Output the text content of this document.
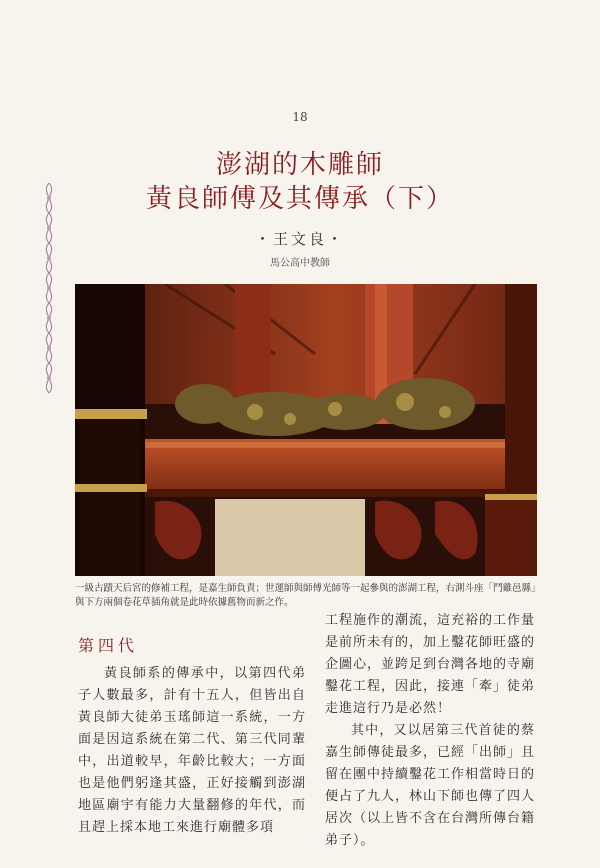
18
澎湖的木雕師
黃良師傅及其傳承（下）
・王文良・
馬公高中教師
一級古蹟天后宮的修補工程，是嘉生師負責；世運師與師傅光師等一起參與的澎湖工程，右測斗座「鬥雞邑縣」與下方兩個卷花草插角就是此時依據舊物而新之作。
第四代

黃良師系的傳承中，以第四代弟子人數最多，計有十五人，但皆出自黃良師大徒弟玉瑤師這一系統，一方面是因這系統在第二代、第三代同輩中，出道較早，年齡比較大；一方面也是他們躬逢其盛，正好接觸到澎湖地區廟宇有能力大量翻修的年代，而且趕上採本地工來進行廟體多項

工程施作的潮流，這充裕的工作量是前所未有的，加上鑿花師旺盛的企圖心，並跨足到台灣各地的寺廟鑿花工程，因此，接連「牽」徒弟走進這行乃是必然！

其中，又以居第三代首徒的蔡嘉生師傳徒最多，已經「出師」且留在團中持續鑿花工作相當時日的便占了九人，林山下師也傳了四人居次（以上皆不含在台灣所傳台籍弟子）。
